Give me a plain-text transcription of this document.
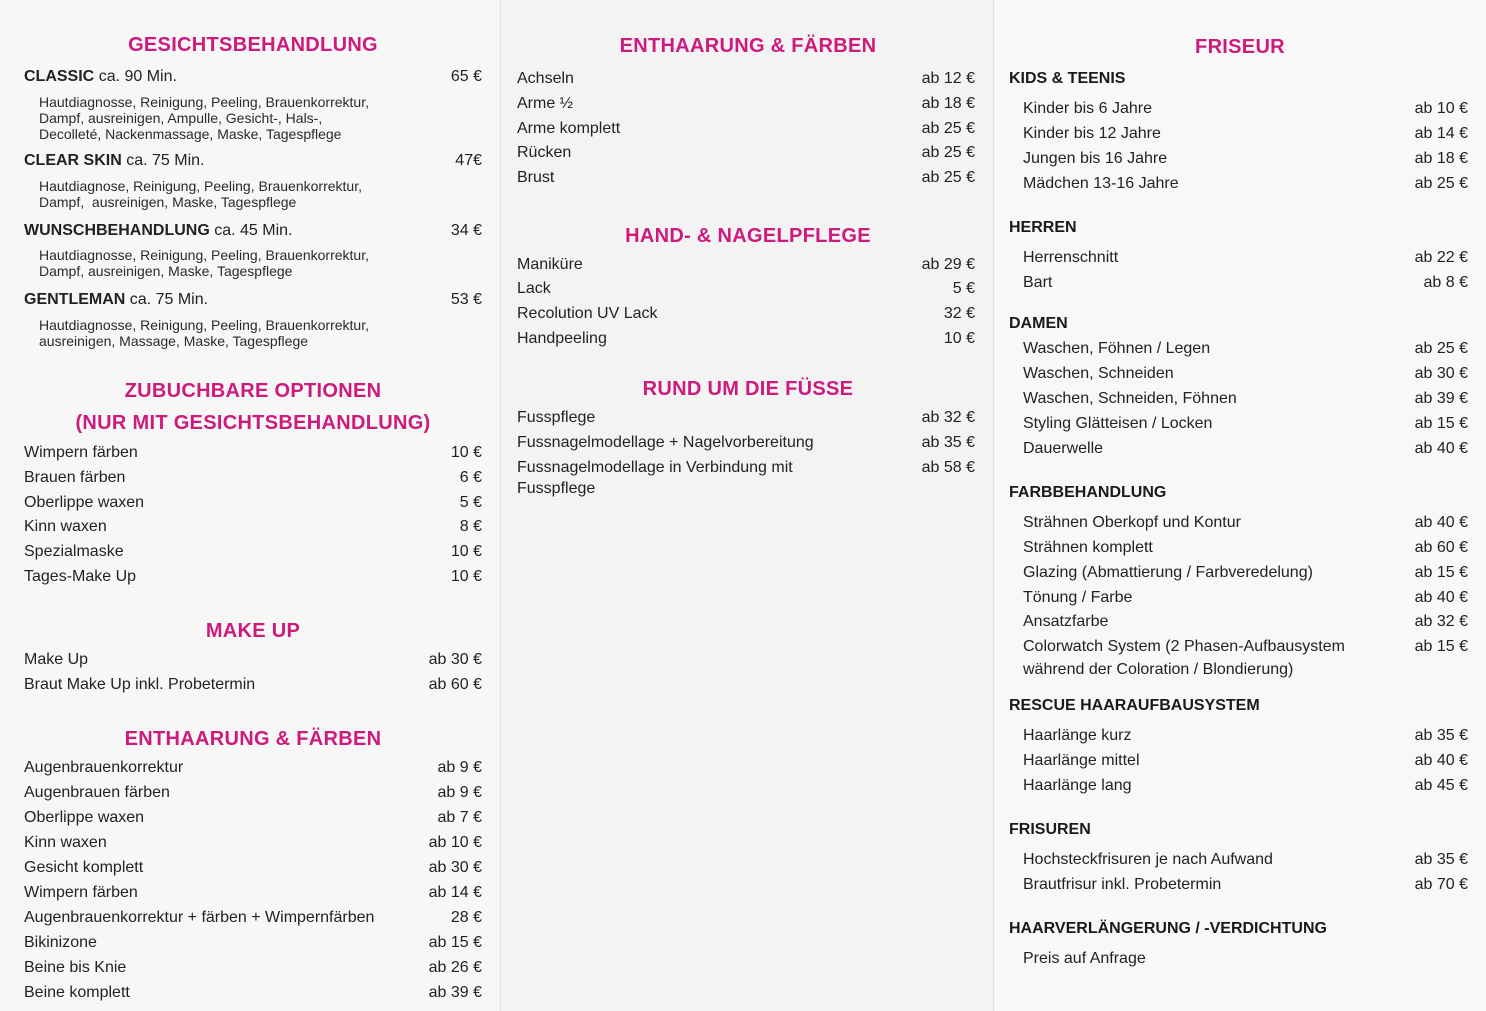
GESICHTSBEHANDLUNG
CLASSIC ca. 90 Min.	65 €
Hautdiagnosse, Reinigung, Peeling, Brauenkorrektur,
Dampf, ausreinigen, Ampulle, Gesicht-, Hals-,
Decolleté, Nackenmassage, Maske, Tagespflege
CLEAR SKIN ca. 75 Min.	47€
Hautdiagnose, Reinigung, Peeling, Brauenkorrektur,
Dampf,  ausreinigen, Maske, Tagespflege
WUNSCHBEHANDLUNG ca. 45 Min.	34 €
Hautdiagnosse, Reinigung, Peeling, Brauenkorrektur,
Dampf, ausreinigen, Maske, Tagespflege
GENTLEMAN ca. 75 Min.	53 €
Hautdiagnosse, Reinigung, Peeling, Brauenkorrektur,
ausreinigen, Massage, Maske, Tagespflege
ZUBUCHBARE OPTIONEN
(NUR MIT GESICHTSBEHANDLUNG)
Wimpern färben	10 €
Brauen färben	6 €
Oberlippe waxen	5 €
Kinn waxen	8 €
Spezialmaske	10 €
Tages-Make Up	10 €
MAKE UP
Make Up	ab 30 €
Braut Make Up inkl. Probetermin	ab 60 €
ENTHAARUNG & FÄRBEN
Augenbrauenkorrektur	ab 9 €
Augenbrauen färben	ab 9 €
Oberlippe waxen	ab 7 €
Kinn waxen	ab 10 €
Gesicht komplett	ab 30 €
Wimpern färben	ab 14 €
Augenbrauenkorrektur + färben + Wimpernfärben	28 €
Bikinizone	ab 15 €
Beine bis Knie	ab 26 €
Beine komplett	ab 39 €
ENTHAARUNG & FÄRBEN
Achseln	ab 12 €
Arme ½	ab 18 €
Arme komplett	ab 25 €
Rücken	ab 25 €
Brust	ab 25 €
HAND- & NAGELPFLEGE
Maniküre	ab 29 €
Lack	5 €
Recolution UV Lack	32 €
Handpeeling	10 €
RUND UM DIE FÜSSE
Fusspflege	ab 32 €
Fussnagelmodellage + Nagelvorbereitung	ab 35 €
Fussnagelmodellage in Verbindung mit
Fusspflege
ab 58 €
FRISEUR
KIDS & TEENIS
Kinder bis 6 Jahre	ab 10 €
Kinder bis 12 Jahre	ab 14 €
Jungen bis 16 Jahre	ab 18 €
Mädchen 13-16 Jahre	ab 25 €
HERREN
Herrenschnitt	ab 22 €
Bart	ab 8 €
DAMEN
Waschen, Föhnen / Legen	ab 25 €
Waschen, Schneiden	ab 30 €
Waschen, Schneiden, Föhnen	ab 39 €
Styling Glätteisen / Locken	ab 15 €
Dauerwelle	ab 40 €
FARBBEHANDLUNG
Strähnen Oberkopf und Kontur	ab 40 €
Strähnen komplett	ab 60 €
Glazing (Abmattierung / Farbveredelung)	ab 15 €
Tönung / Farbe	ab 40 €
Ansatzfarbe	ab 32 €
Colorwatch System (2 Phasen-Aufbausystem
während der Coloration / Blondierung)
ab 15 €
RESCUE HAARAUFBAUSYSTEM
Haarlänge kurz	ab 35 €
Haarlänge mittel	ab 40 €
Haarlänge lang	ab 45 €
FRISUREN
Hochsteckfrisuren je nach Aufwand	ab 35 €
Brautfrisur inkl. Probetermin	ab 70 €
HAARVERLÄNGERUNG / -VERDICHTUNG
Preis auf Anfrage
